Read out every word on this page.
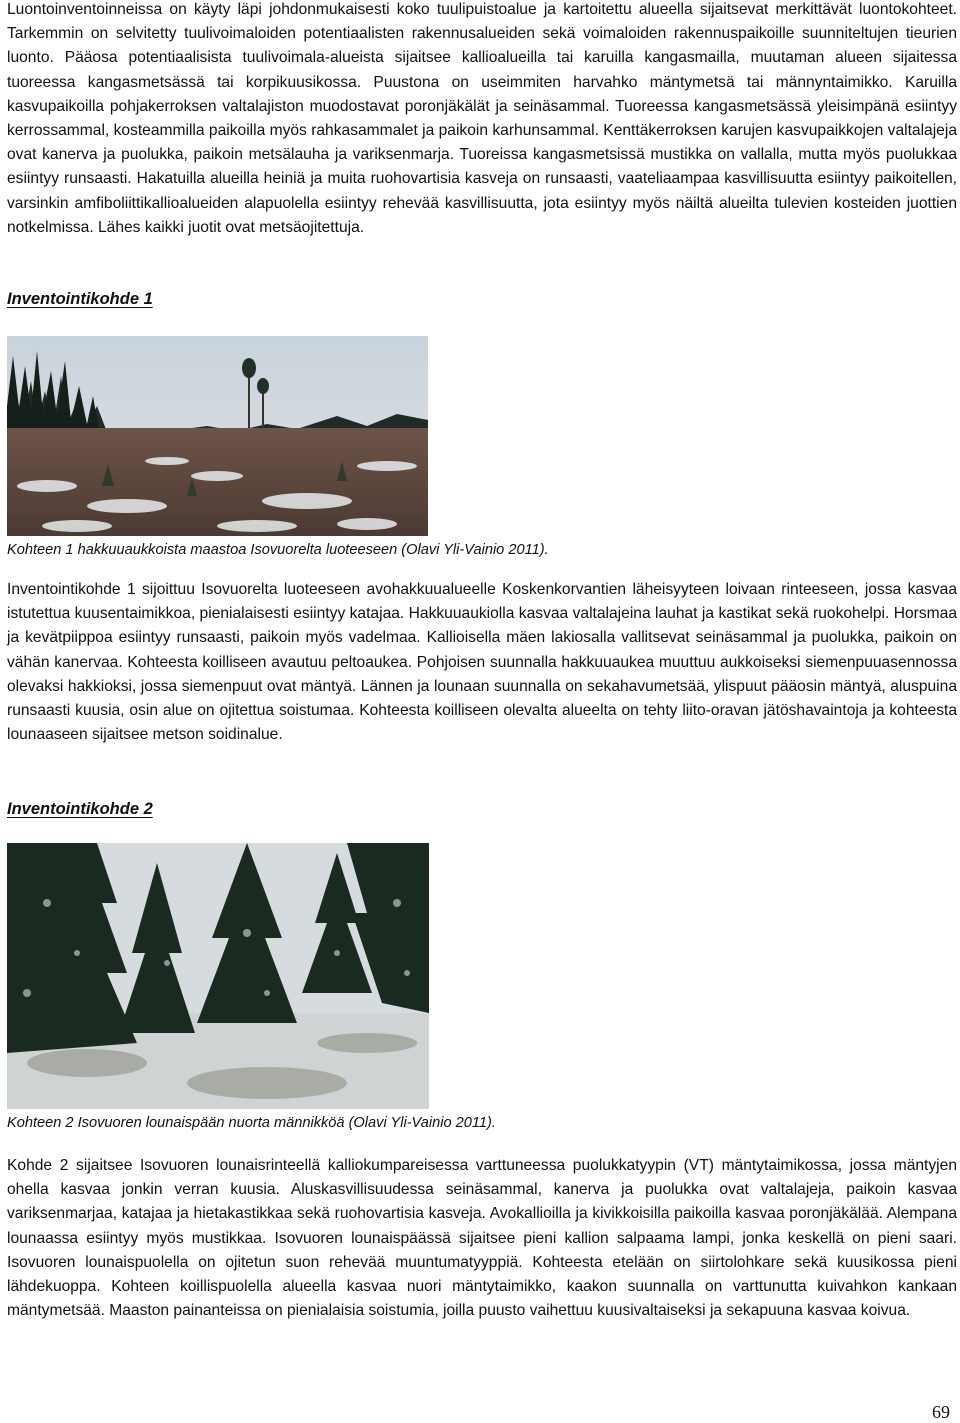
Luontoinventoinneissa on käyty läpi johdonmukaisesti koko tuulipuistoalue ja kartoitettu alueella sijaitsevat merkittävät luontokohteet. Tarkemmin on selvitetty tuulivoimaloiden potentiaalisten rakennusalueiden sekä voimaloiden rakennuspaikoille suunniteltujen tieurien luonto. Pääosa potentiaalisista tuulivoimala-alueista sijaitsee kallioalueilla tai karuilla kangasmailla, muutaman alueen sijaitessa tuoreessa kangasmetsässä tai korpikuusikossa. Puustona on useimmiten harvahko mäntymetsä tai männyntaimikko. Karuilla kasvupaikoilla pohjakerroksen valtalajiston muodostavat poronjäkälät ja seinäsammal. Tuoreessa kangasmetsässä yleisimpänä esiintyy kerrossammal, kosteammilla paikoilla myös rahkasammalet ja paikoin karhunsammal. Kenttäkerroksen karujen kasvupaikkojen valtalajeja ovat kanerva ja puolukka, paikoin metsälauha ja variksenmarja. Tuoreissa kangasmetsissä mustikka on vallalla, mutta myös puolukkaa esiintyy runsaasti. Hakatuilla alueilla heiniä ja muita ruohovartisia kasveja on runsaasti, vaateliaampaa kasvillisuutta esiintyy paikoitellen, varsinkin amfiboliittikallioalueiden alapuolella esiintyy rehevää kasvillisuutta, jota esiintyy myös näiltä alueilta tulevien kosteiden juottien notkelmissa. Lähes kaikki juotit ovat metsäojitettuja.

Inventointikohde 1

Kohteen 1 hakkuuaukkoista maastoa Isovuorelta luoteeseen (Olavi Yli-Vainio 2011).

Inventointikohde 1 sijoittuu Isovuorelta luoteeseen avohakkuualueelle Koskenkorvantien läheisyyteen loivaan rinteeseen, jossa kasvaa istutettua kuusentaimikkoa, pienialaisesti esiintyy katajaa. Hakkuuaukiolla kasvaa valtalajeina lauhat ja kastikat sekä ruokohelpi. Horsmaa ja kevätpiippoa esiintyy runsaasti, paikoin myös vadelmaa. Kallioisella mäen lakiosalla vallitsevat seinäsammal ja puolukka, paikoin on vähän kanervaa. Kohteesta koilliseen avautuu peltoaukea. Pohjoisen suunnalla hakkuuaukea muuttuu aukkoiseksi siemenpuuasennossa olevaksi hakkioksi, jossa siemenpuut ovat mäntyä. Lännen ja lounaan suunnalla on sekahavumetsää, ylispuut pääosin mäntyä, aluspuina runsaasti kuusia, osin alue on ojitettua soistumaa. Kohteesta koilliseen olevalta alueelta on tehty liito-oravan jätöshavaintoja ja kohteesta lounaaseen sijaitsee metson soidinalue.

Inventointikohde 2

Kohteen 2 Isovuoren lounaispään nuorta männikköä (Olavi Yli-Vainio 2011).

Kohde 2 sijaitsee Isovuoren lounaisrinteellä kalliokumpareisessa varttuneessa puolukkatyypin (VT) mäntytaimikossa, jossa mäntyjen ohella kasvaa jonkin verran kuusia. Aluskasvillisuudessa seinäsammal, kanerva ja puolukka ovat valtalajeja, paikoin kasvaa variksenmarjaa, katajaa ja hietakastikkaa sekä ruohovartisia kasveja. Avokallioilla ja kivikkoisilla paikoilla kasvaa poronjäkälää. Alempana lounaassa esiintyy myös mustikkaa. Isovuoren lounaispäässä sijaitsee pieni kallion salpaama lampi, jonka keskellä on pieni saari. Isovuoren lounaispuolella on ojitetun suon rehevää muuntumatyyppiä. Kohteesta etelään on siirtolohkare sekä kuusikossa pieni lähdekuoppa. Kohteen koillispuolella alueella kasvaa nuori mäntytaimikko, kaakon suunnalla on varttunutta kuivahkon kankaan mäntymetsää. Maaston painanteissa on pienialaisia soistumia, joilla puusto vaihettuu kuusivaltaiseksi ja sekapuuna kasvaa koivua.

69
